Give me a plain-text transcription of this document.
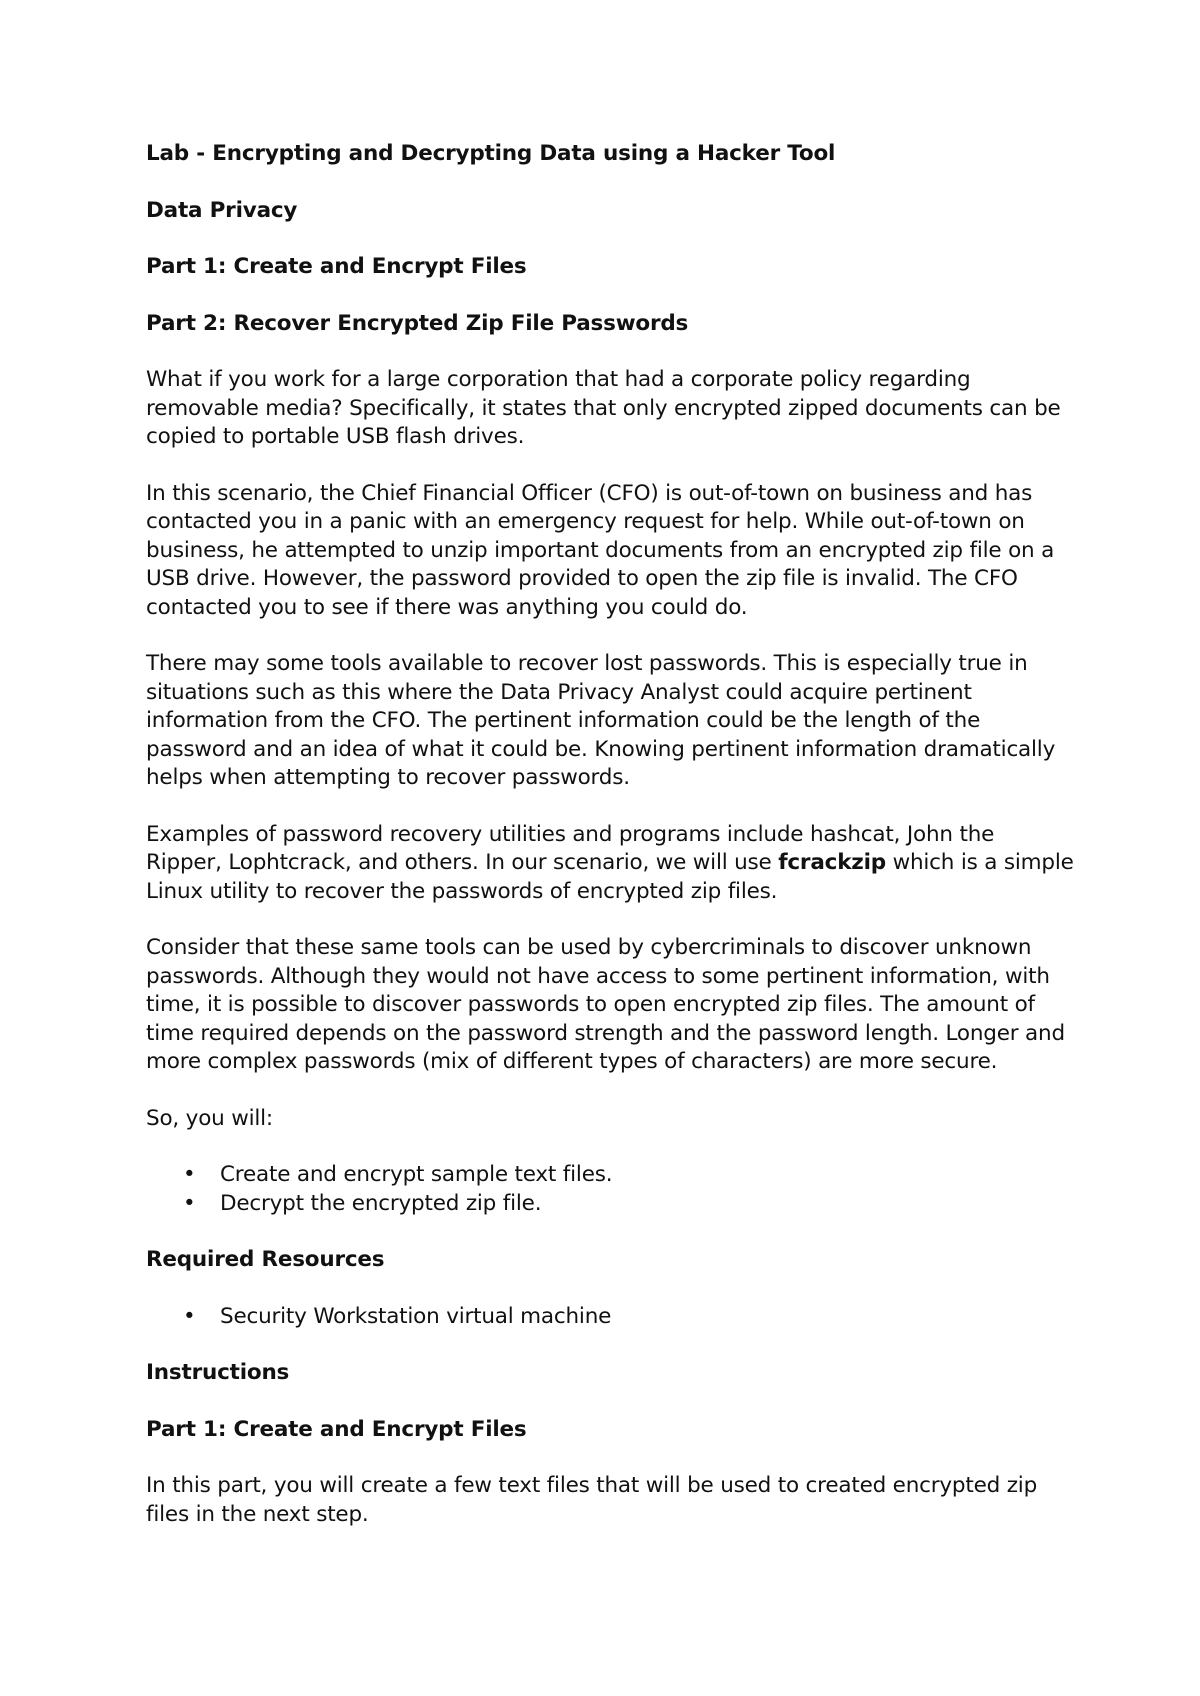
Lab - Encrypting and Decrypting Data using a Hacker Tool

Data Privacy

Part 1: Create and Encrypt Files

Part 2: Recover Encrypted Zip File Passwords

What if you work for a large corporation that had a corporate policy regarding removable media? Specifically, it states that only encrypted zipped documents can be copied to portable USB flash drives.

In this scenario, the Chief Financial Officer (CFO) is out-of-town on business and has contacted you in a panic with an emergency request for help. While out-of-town on business, he attempted to unzip important documents from an encrypted zip file on a USB drive. However, the password provided to open the zip file is invalid. The CFO contacted you to see if there was anything you could do.

There may some tools available to recover lost passwords. This is especially true in situations such as this where the Data Privacy Analyst could acquire pertinent information from the CFO. The pertinent information could be the length of the password and an idea of what it could be. Knowing pertinent information dramatically helps when attempting to recover passwords.

Examples of password recovery utilities and programs include hashcat, John the Ripper, Lophtcrack, and others. In our scenario, we will use fcrackzip which is a simple Linux utility to recover the passwords of encrypted zip files.

Consider that these same tools can be used by cybercriminals to discover unknown passwords. Although they would not have access to some pertinent information, with time, it is possible to discover passwords to open encrypted zip files. The amount of time required depends on the password strength and the password length. Longer and more complex passwords (mix of different types of characters) are more secure.

So, you will:

• Create and encrypt sample text files.
• Decrypt the encrypted zip file.

Required Resources

• Security Workstation virtual machine

Instructions

Part 1: Create and Encrypt Files

In this part, you will create a few text files that will be used to created encrypted zip files in the next step.
